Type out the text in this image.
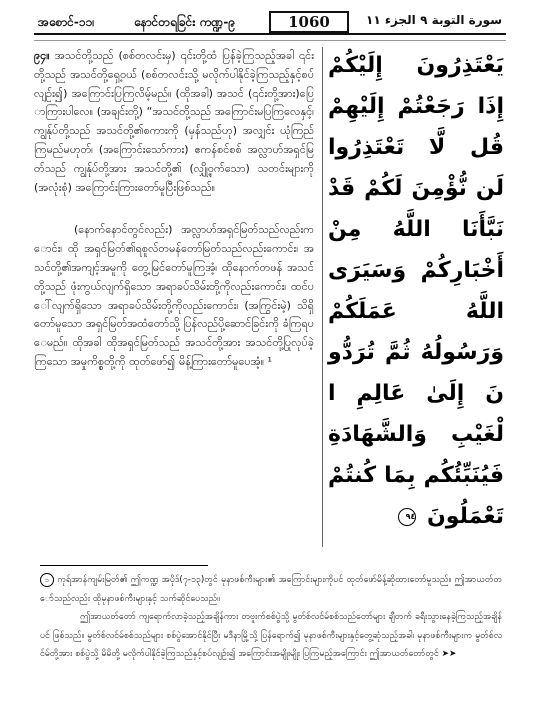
အစောင်-၁၁၊	နောင်တရခြင်း ကဏ္ဍ-၉	1060	الجزء ١١ سورة التوبة ٩

၉၄။ အသင်တို့သည် (စစ်တလင်းမှ) ၎င်းတို့ထံ ပြန်ခဲ့ကြသည့်အခါ ၎င်းတို့သည် အသင်တို့ရှေ့ဝယ် (စစ်တလင်းသို့ မလိုက်ပါနိုင်ခဲ့ကြသည့်နှင့်စပ်လျဉ်း၍) အကြောင်းပြကြလိမ့်မည်။ (ထိုအခါ) အသင် (၎င်းတို့အား)ပြောကြားပါလေ။ (အချင်းတို့) “အသင်တို့သည် အကြောင်းမပြကြလေနှင့်၊ ကျွန်ုပ်တို့သည် အသင်တို့၏စကားကို (မှန်သည်ဟု) အလျှင်း ယုံကြည်ကြမည်မဟုတ်၊ (အကြောင်းသော်ကား) ဧကန်စင်စစ် အလ္လာဟ်အရှင်မြတ်သည် ကျွန်ုပ်တို့အား အသင်တို့၏ (လျှို့ဝှက်သော) သတင်းများကို (အလုံးစုံ) အကြောင်းကြားတော်မူပြီးဖြစ်သည်။

(နောက်နောင်တွင်လည်း) အလ္လာဟ်အရှင်မြတ်သည်လည်းကောင်း၊ ထို အရှင်မြတ်၏ရစူလ်တမန်တော်မြတ်သည်လည်းကောင်း၊ အသင်တို့၏အကျင့်အမူကို တွေ့မြင်တော်မူကြအံ့၊ ထိုနောက်တဖန် အသင်တို့သည် ဖုံးကွယ်လျက်ရှိသော အရာခပ်သိမ်းတို့ကိုလည်းကောင်း၊ ထင်ပေါ်လျက်ရှိသော အရာခပ်သိမ်းတို့ကိုလည်းကောင်း၊ (အကြွင်းမဲ့) သိရှိတော်မူသော အရှင်မြတ်အထံတော်သို့ ပြန်လည်ပို့ဆောင်ခြင်းကို ခံကြရပေမည်။ ထိုအခါ ထိုအရှင်မြတ်သည် အသင်တို့အား အသင်တို့ပြုလုပ်ခဲ့ကြသော အမှုကိစ္စတို့ကို ထုတ်ဖော်၍ မိန့်ကြားတော်မူပေအံ့။ ¹

يَعْتَذِرُونَ إِلَيْكُمْ إِذَا رَجَعْتُمْ إِلَيْهِمْ قُل لَّا تَعْتَذِرُوا لَن نُّؤْمِنَ لَكُمْ قَدْ نَبَّأَنَا اللَّهُ مِنْ أَخْبَارِكُمْ وَسَيَرَى اللَّهُ عَمَلَكُمْ وَرَسُولُهُ ثُمَّ تُرَدُّونَ إِلَىٰ عَالِمِ الْغَيْبِ وَالشَّهَادَةِ فَيُنَبِّئُكُم بِمَا كُنتُمْ تَعْمَلُونَ ٩٤

၁ ကုရ်အာန်ကျမ်းမြတ်၏ ဤကဏ္ဍ အပိုဒ်(၇-၁၃)တွင် မုနာဖစ်ကီးများ၏ အကြောင်းများကိုပင် ထုတ်ဖော်မိန့်ဆိုထားတော်မူသည်။ ဤအာယတ်တော်သည်လည်း ထိုမုနာဖစ်ကီးများနှင့် သက်ဆိုင်ပေသည်။

ဤအာယတ်တော် ကျရောက်လာခဲ့သည့်အချိန်ကား တဗူးက်စစ်ပွဲသို့ မွတ်စ်လင်မ်စစ်သည်တော်များ ချီတက် ခရီးသွားနေခဲ့ကြသည့်အချိန်ပင် ဖြစ်သည်။ မွတ်စ်လင်မ်စစ်သည်များ စစ်ပွဲအောင်နိုင်ပြီး မဒီနာမြို့သို့ ပြန်ရောက်၍ မုနာဖစ်ကီးများနှင့်တွေ့ဆုံသည့်အခါ၊ မုနာဖစ်ကီးများက မွတ်စ်လင်မ်တို့အား စစ်ပွဲသို့ မိမိတို့ မလိုက်ပါနိုင်ခဲ့ကြသည်နှင့်စပ်လျဉ်း၍ အကြောင်းအမျိုးမျိုး ပြကြမည့်အကြောင်း ဤအာယတ်တော်တွင် ➤➤
